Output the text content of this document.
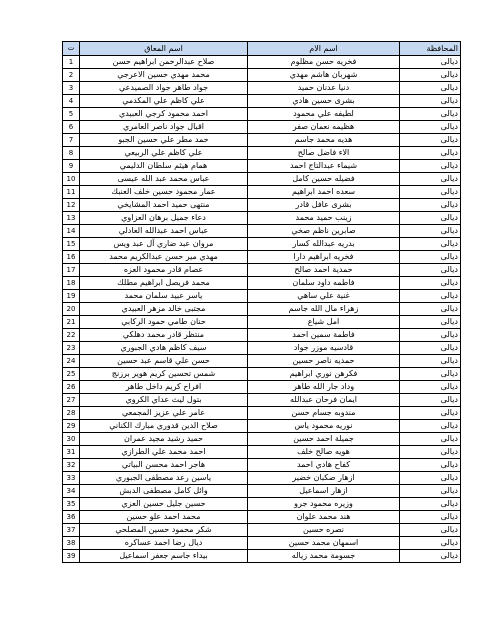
ت	اسم المعاق	اسم الام	المحافظة
1	صلاح عبدالرحمن ابراهيم حسن	فخريه حسن مظلوم	ديالى
2	محمد مهدي حسين الاعرجي	شهربان هاشم مهدي	ديالى
3	جواد طاهر جواد الصميدعي	دنيا عدنان حميد	ديالى
4	علي كاظم علي المكدمي	بشرى حسين هادي	ديالى
5	احمد محمود كرجي العبيدي	لطيفه علي محمود	ديالى
6	اقبال جواد ناصر العامري	هظيمه نعمان صفر	ديالى
7	حمد مطر علي حسين الجبو	هديه محمد جاسم	ديالى
8	علي كاظم علي الربيعي	الاء فاضل صالح	ديالى
9	همام هيثم سلطان الدليمي	شيماء عبدالتاج احمد	ديالى
10	عباس محمد عبد الله عيسى	فضيله حسين كامل	ديالى
11	عمار محمود حسين خلف العنبك	سعده احمد ابراهيم	ديالى
12	منتهى حميد احمد المشايخي	بشرى عافل قادر	ديالى
13	دعاء جميل برهان العزاوي	زينب حميد محمد	ديالى
14	عباس احمد عبدالله العادلي	صابرين ناظم صخي	ديالى
15	مروان عبد ضاري آل عبد ويس	بدريه عبدالله كسار	ديالى
16	مهدي مير حسن عبدالكريم محمد	فخريه ابراهيم دارا	ديالى
17	عصام قادر محمود العزه	حمدية احمد صالح	ديالى
18	محمد فريصل ابراهيم مطلك	فاطمه داود سلمان	ديالى
19	ياسر عبيد سلمان محمد	غنية علي ساهي	ديالى
20	مجتبى خالد مزهر العبيدي	زهراء مال الله جاسم	ديالى
21	حنان طامي حمود الركابي	امل شياع	ديالى
22	منتظر قادر محمد دهلكي	فاطمة سمين احمد	ديالى
23	سيف كاظم هادي الجبوري	قادسيه موزر جواد	ديالى
24	حسن علي قاسم عبد حسين	حمديه ناصر حسين	ديالى
25	شمس تحسين كريم هوير برزنج	فكرهن نوري ابراهيم	ديالى
26	افراح كريم داخل طاهر	وداد جار الله طاهر	ديالى
27	بتول ليث عداي الكروي	ايمان فرحان عبدالله	ديالى
28	عامر علي عزيز المجمعي	مندوبه جسام حسن	ديالى
29	صلاح الدين قدوري مبارك الكناني	نوريه محمود ياس	ديالى
30	حميد رشيد مجيد عمران	جميلة احمد حسين	ديالى
31	احمد محمد علي الطرازي	هويه صالح خلف	ديالى
32	هاجر احمد محسن البياتي	كفاح هادي احمد	ديالى
33	ياسين رعد مصطفى الجبوري	ازهار صكبان خضير	ديالى
34	وائل كامل مصطفى الدبش	ازهار اسماعيل	ديالى
35	حسين جليل حسين العزي	وزيره محمود جرو	ديالى
36	محمد احمد علو حسين	هند محمد علوان	ديالى
37	شكر محمود حسين المصلحي	نصره حسين	ديالى
38	ديال رضا احمد عساكره	اسمهان محمد حسين	ديالى
39	بيداء جاسم جعفر اسماعيل	جسومة محمد زياله	ديالى
